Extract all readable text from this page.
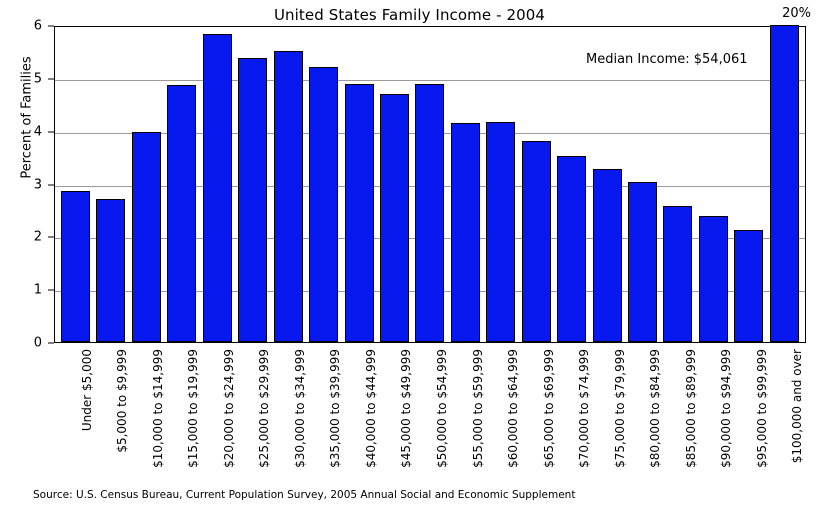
United States Family Income - 2004	20%
Percent of Families
0
1
2
3
4
5
6
Median Income: $54,061
Under $5,000 $5,000 to $9,999 $10,000 to $14,999 $15,000 to $19,999 $20,000 to $24,999 $25,000 to $29,999 $30,000 to $34,999 $35,000 to $39,999 $40,000 to $44,999 $45,000 to $49,999 $50,000 to $54,999 $55,000 to $59,999 $60,000 to $64,999 $65,000 to $69,999 $70,000 to $74,999 $75,000 to $79,999 $80,000 to $84,999 $85,000 to $89,999 $90,000 to $94,999 $95,000 to $99,999 $100,000 and over
Source: U.S. Census Bureau, Current Population Survey, 2005 Annual Social and Economic Supplement
